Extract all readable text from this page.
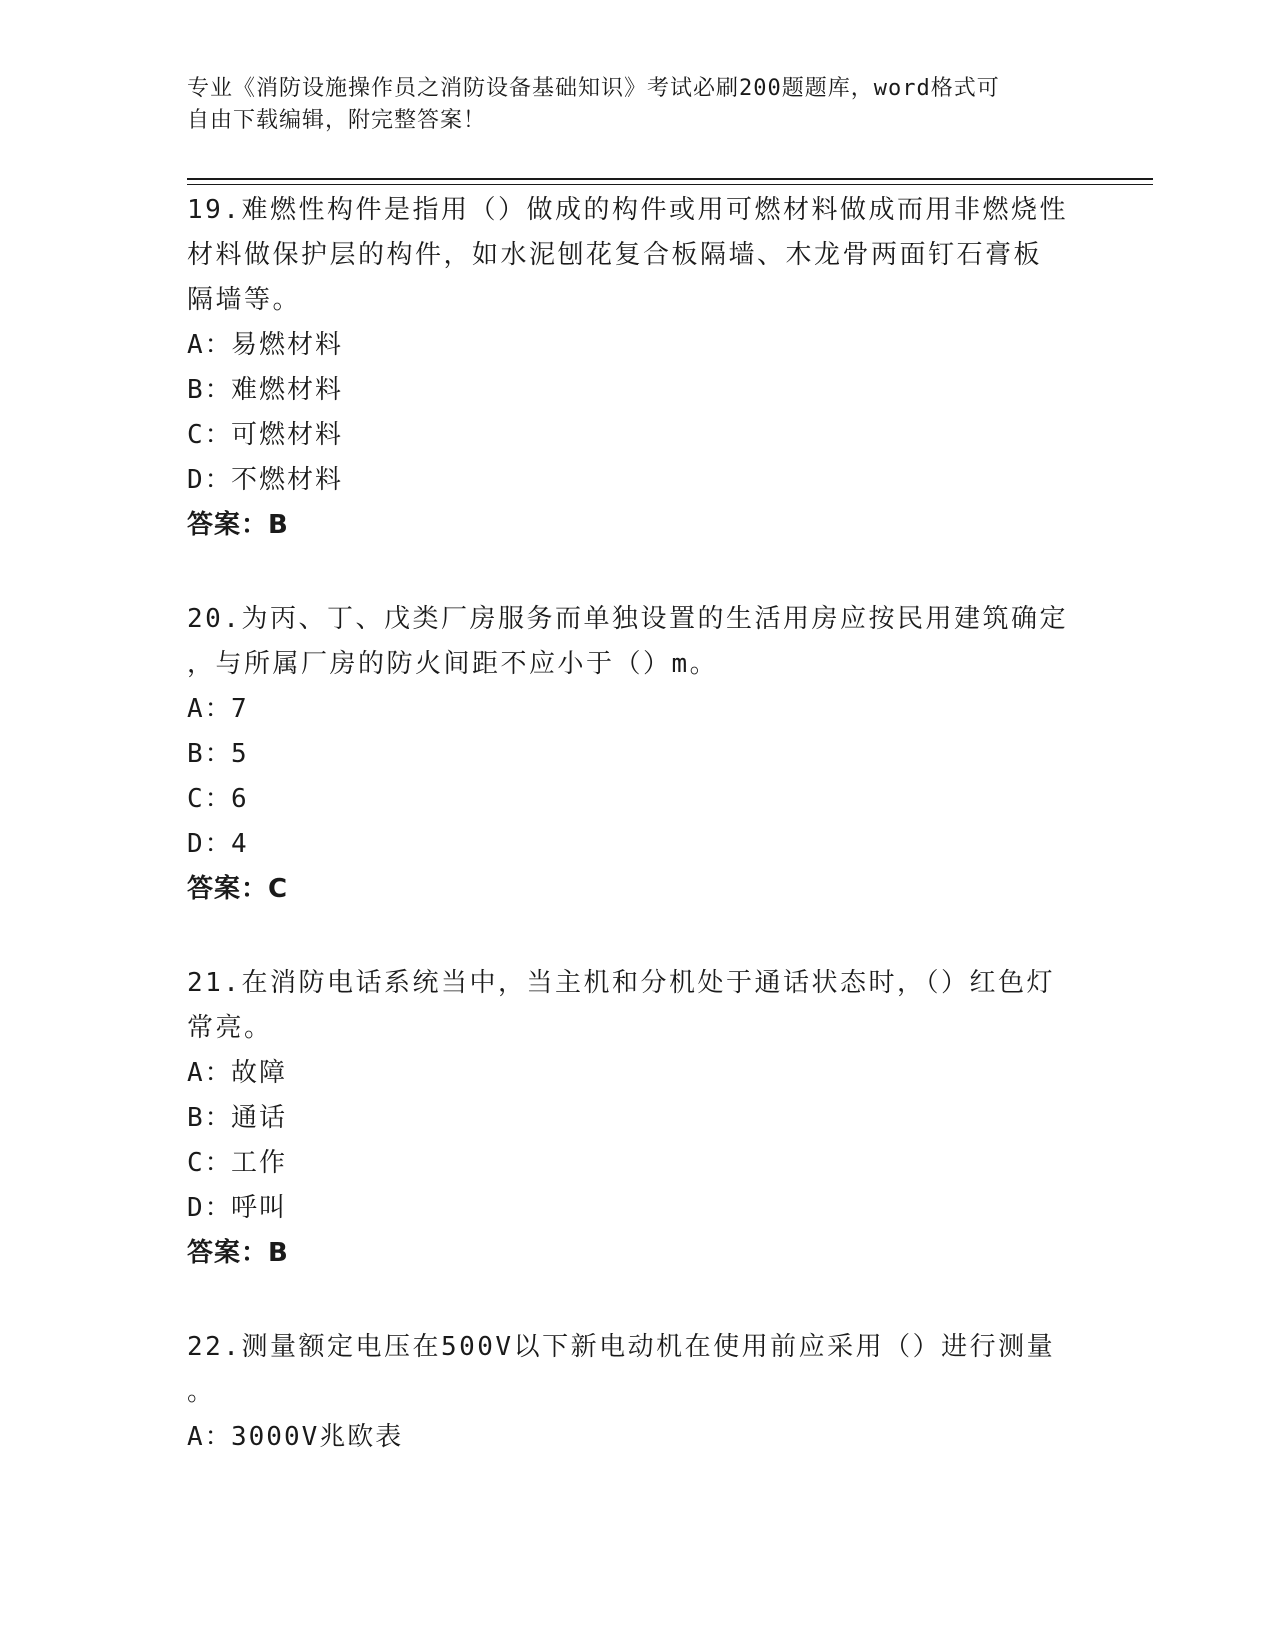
专业《消防设施操作员之消防设备基础知识》考试必刷200题题库，word格式可
自由下载编辑，附完整答案！
19.难燃性构件是指用（）做成的构件或用可燃材料做成而用非燃烧性
材料做保护层的构件，如水泥刨花复合板隔墙、木龙骨两面钉石膏板
隔墙等。
A：易燃材料
B：难燃材料
C：可燃材料
D：不燃材料
答案：B
20.为丙、丁、戊类厂房服务而单独设置的生活用房应按民用建筑确定
，与所属厂房的防火间距不应小于（）m。
A：7
B：5
C：6
D：4
答案：C
21.在消防电话系统当中，当主机和分机处于通话状态时，（）红色灯
常亮。
A：故障
B：通话
C：工作
D：呼叫
答案：B
22.测量额定电压在500V以下新电动机在使用前应采用（）进行测量
。
A：3000V兆欧表
